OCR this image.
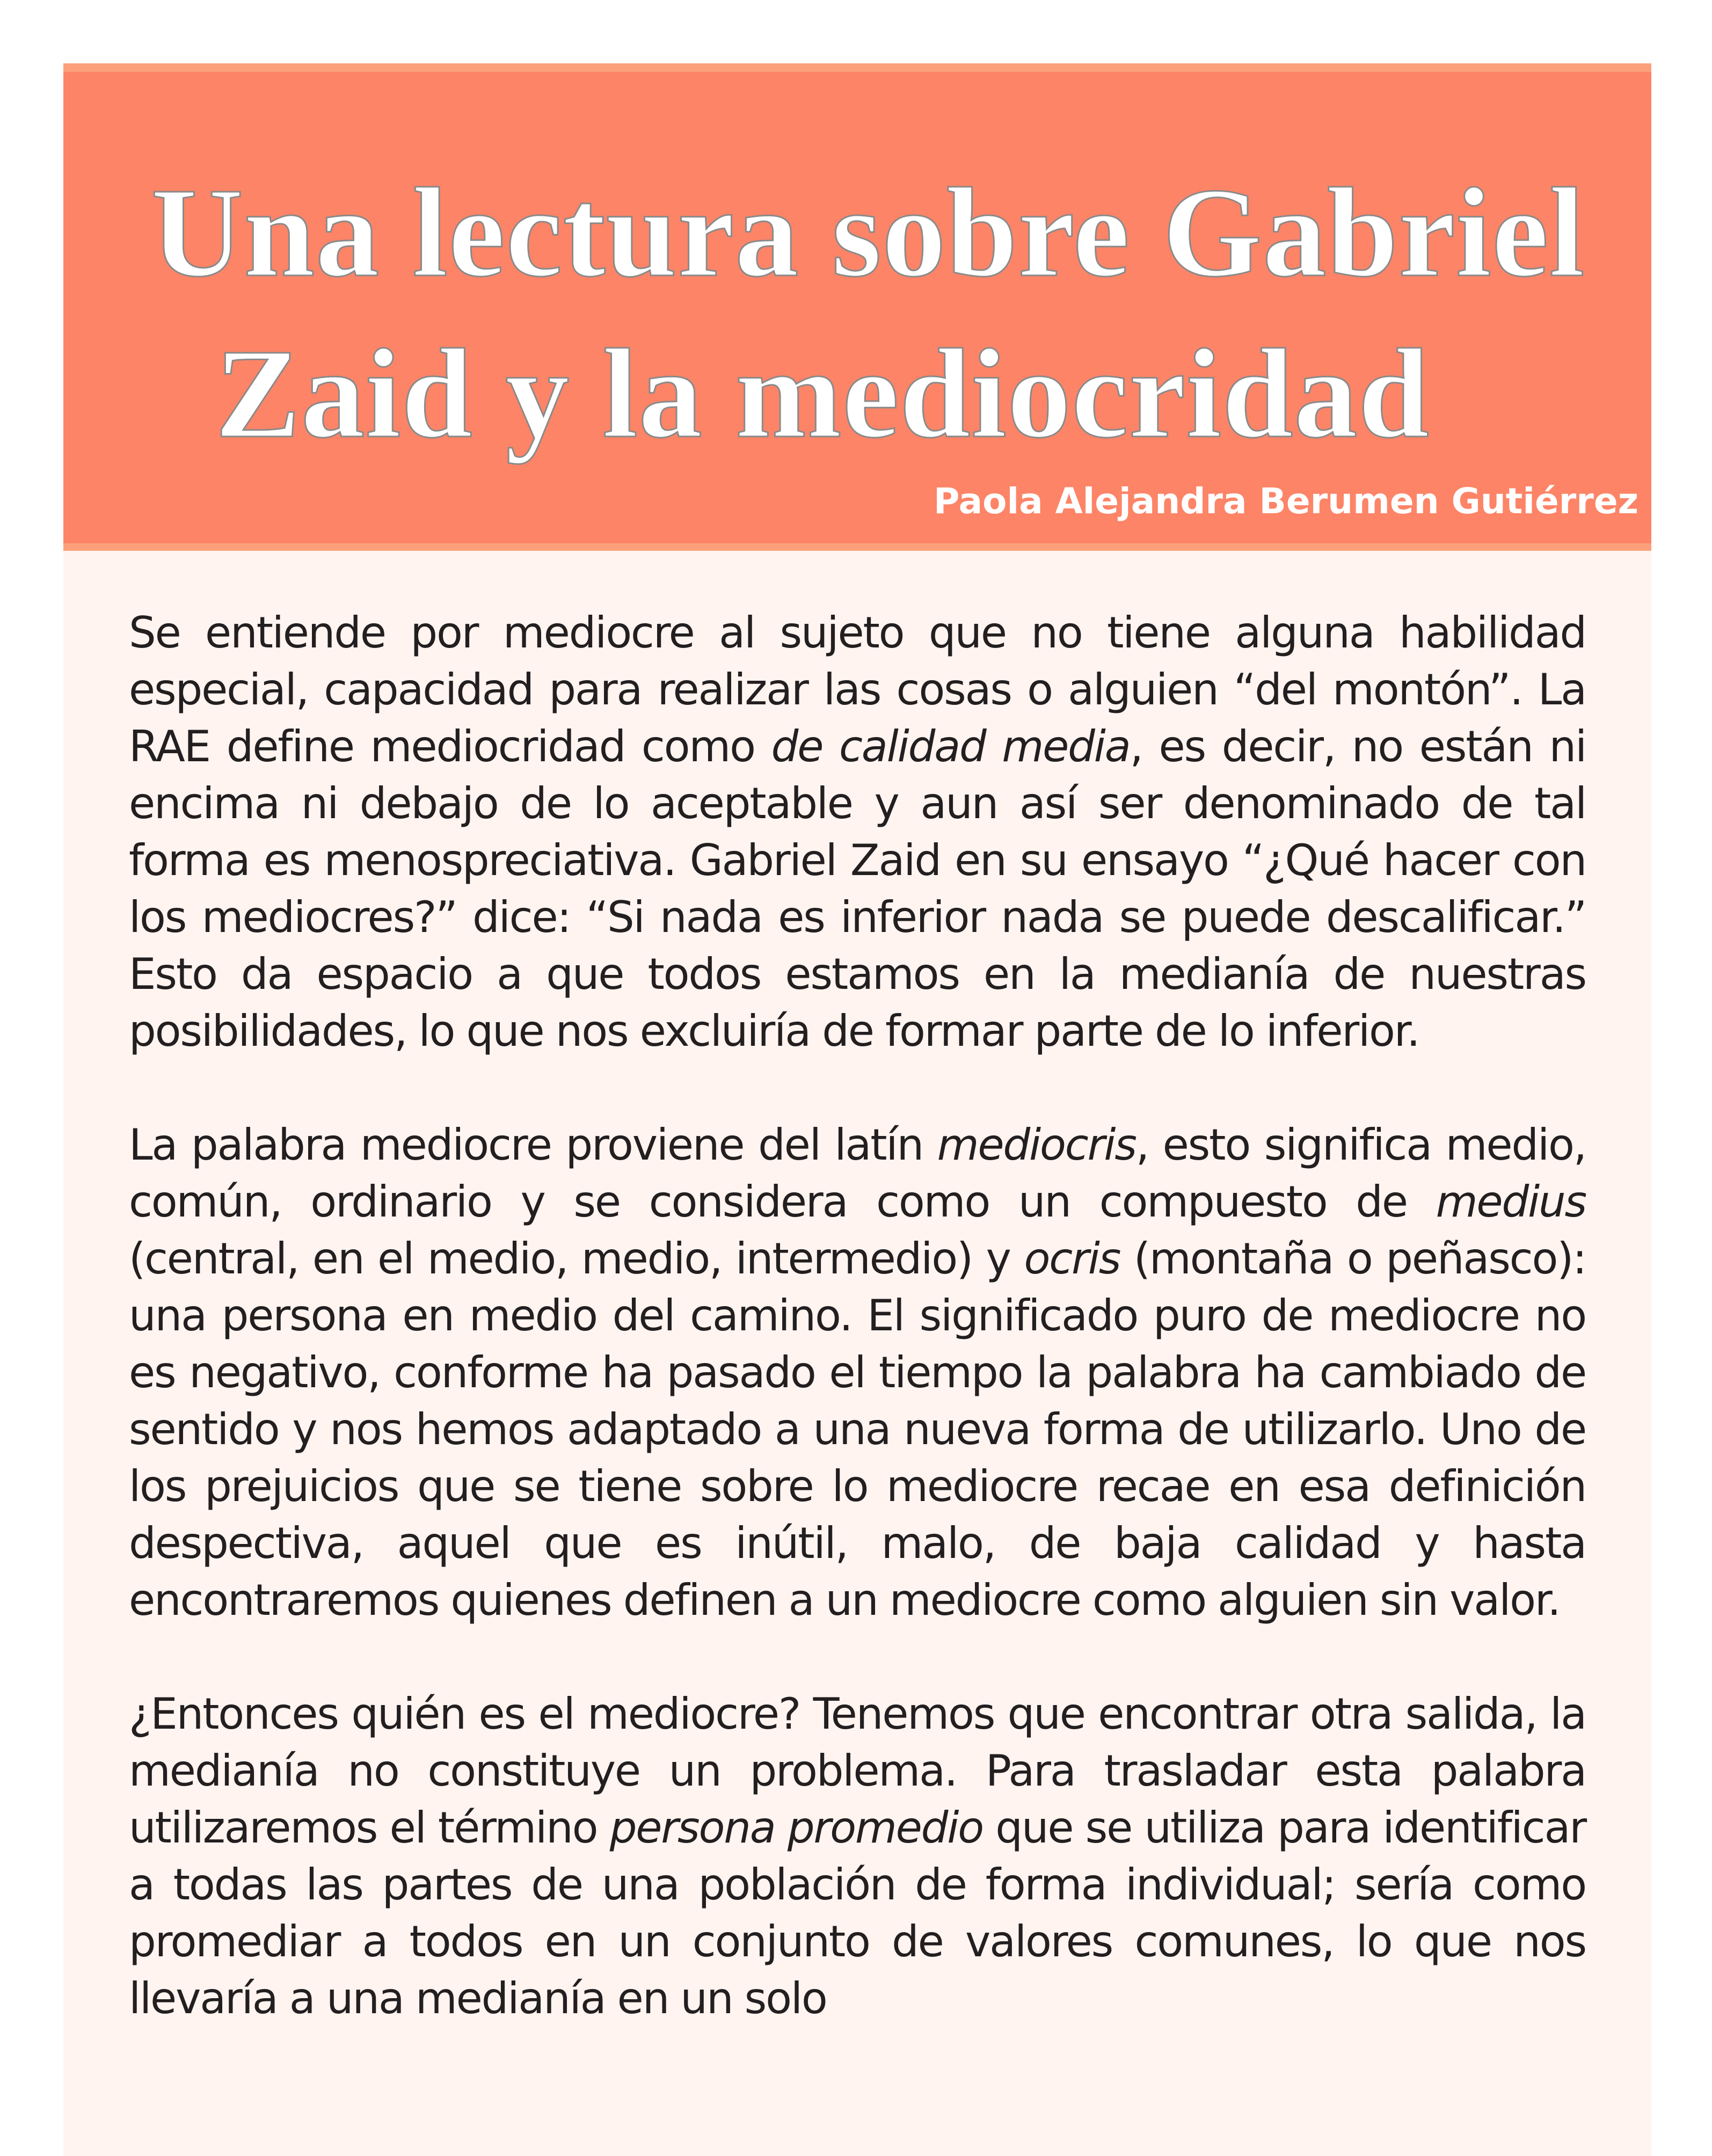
Una lectura sobre Gabriel
Zaid y la mediocridad

Paola Alejandra Berumen Gutiérrez

Se entiende por mediocre al sujeto que no tiene alguna habilidad especial, capacidad para realizar las cosas o alguien “del montón”. La RAE define mediocridad como de calidad media, es decir, no están ni encima ni debajo de lo aceptable y aun así ser denominado de tal forma es menospreciativa. Gabriel Zaid en su ensayo “¿Qué hacer con los mediocres?” dice: “Si nada es inferior nada se puede descalificar.” Esto da espacio a que todos estamos en la medianía de nuestras posibilidades, lo que nos excluiría de formar parte de lo inferior.

La palabra mediocre proviene del latín mediocris, esto significa medio, común, ordinario y se considera como un compuesto de medius (central, en el medio, medio, intermedio) y ocris (montaña o peñasco): una persona en medio del camino. El significado puro de mediocre no es negativo, conforme ha pasado el tiempo la palabra ha cambiado de sentido y nos hemos adaptado a una nueva forma de utilizarlo. Uno de los prejuicios que se tiene sobre lo mediocre recae en esa definición despectiva, aquel que es inútil, malo, de baja calidad y hasta encontraremos quienes definen a un mediocre como alguien sin valor.

¿Entonces quién es el mediocre? Tenemos que encontrar otra salida, la medianía no constituye un problema. Para trasladar esta palabra utilizaremos el término persona promedio que se utiliza para identificar a todas las partes de una población de forma individual; sería como promediar a todos en un conjunto de valores comunes, lo que nos llevaría a una medianía en un solo
